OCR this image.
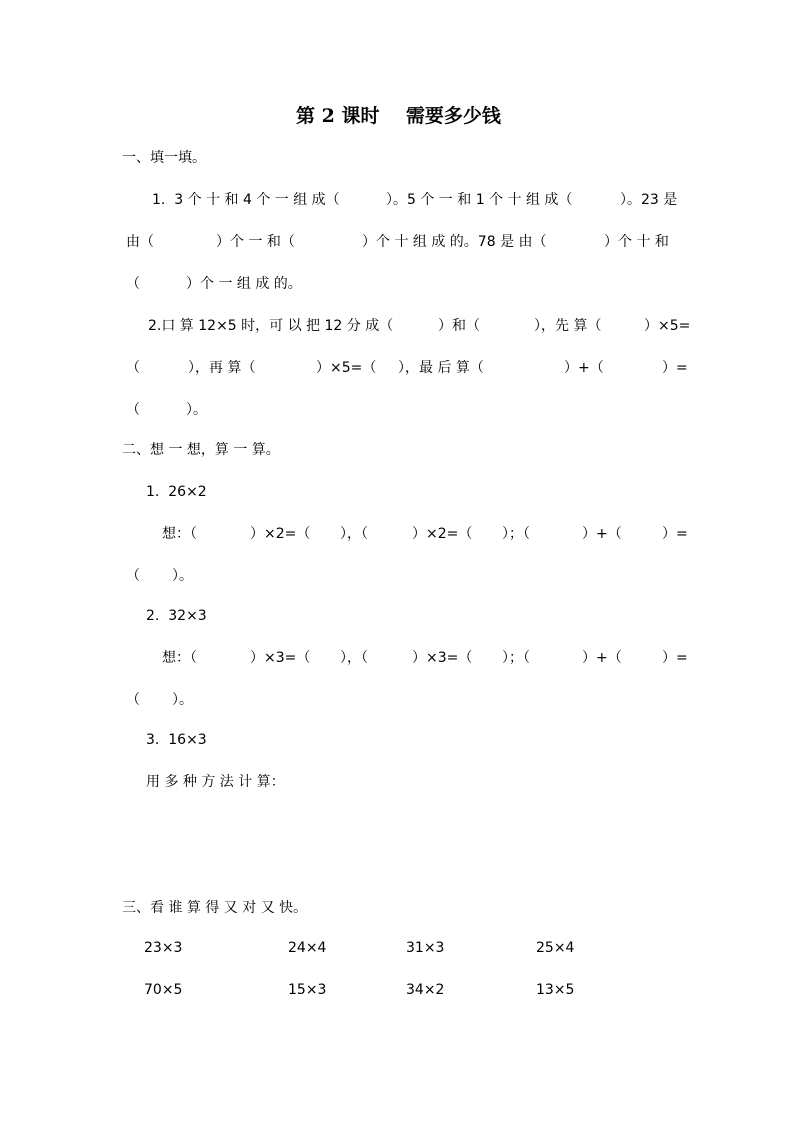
第 2 课时    需要多少钱
一、填一填。
1.  3 个 十 和 4 个 一 组 成（	）。5 个 一 和 1 个 十 组 成（	）。23 是
由（	）个 一 和（	）个 十 组 成 的。78 是 由（	）个 十 和
（	）个 一 组 成 的。
2.口 算 12×5 时，可 以 把 12 分 成（	）和（	），先 算（	）×5=
（	），再 算（	）×5=（ ），最 后 算（	）+（	）=
（	）。
二、想 一 想，算 一 算。
1.  26×2
想：（	）×2=（ ），（	）×2=（ ）；（	）+（	）=
（ ）。
2.  32×3
想：（	）×3=（ ），（	）×3=（ ）；（	）+（	）=
（ ）。
3.  16×3
用 多 种 方 法 计 算：
三、看 谁 算 得 又 对 又 快。
23×3	24×4	31×3	25×4
70×5	15×3	34×2	13×5
